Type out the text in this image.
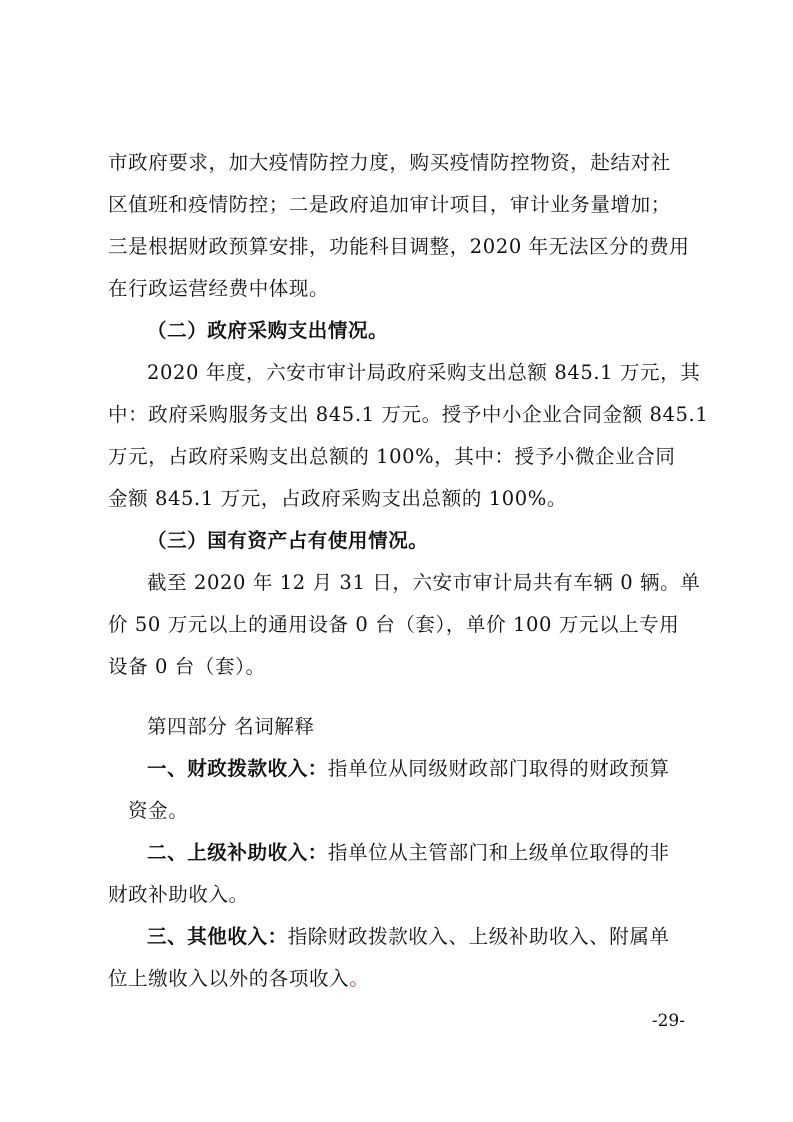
市政府要求，加大疫情防控力度，购买疫情防控物资，赴结对社
区值班和疫情防控；二是政府追加审计项目，审计业务量增加；
三是根据财政预算安排，功能科目调整，2020 年无法区分的费用
在行政运营经费中体现。
（二）政府采购支出情况。
2020 年度，六安市审计局政府采购支出总额 845.1 万元，其
中：政府采购服务支出 845.1 万元。授予中小企业合同金额 845.1
万元，占政府采购支出总额的 100%，其中：授予小微企业合同
金额 845.1 万元，占政府采购支出总额的 100%。
（三）国有资产占有使用情况。
截至 2020 年 12 月 31 日，六安市审计局共有车辆 0 辆。单
价 50 万元以上的通用设备 0 台（套），单价 100 万元以上专用
设备 0 台（套）。
第四部分 名词解释
一、财政拨款收入：指单位从同级财政部门取得的财政预算
资金。
二、上级补助收入：指单位从主管部门和上级单位取得的非
财政补助收入。
-29-
三、其他收入：指除财政拨款收入、上级补助收入、附属单
位上缴收入以外的各项收入。
